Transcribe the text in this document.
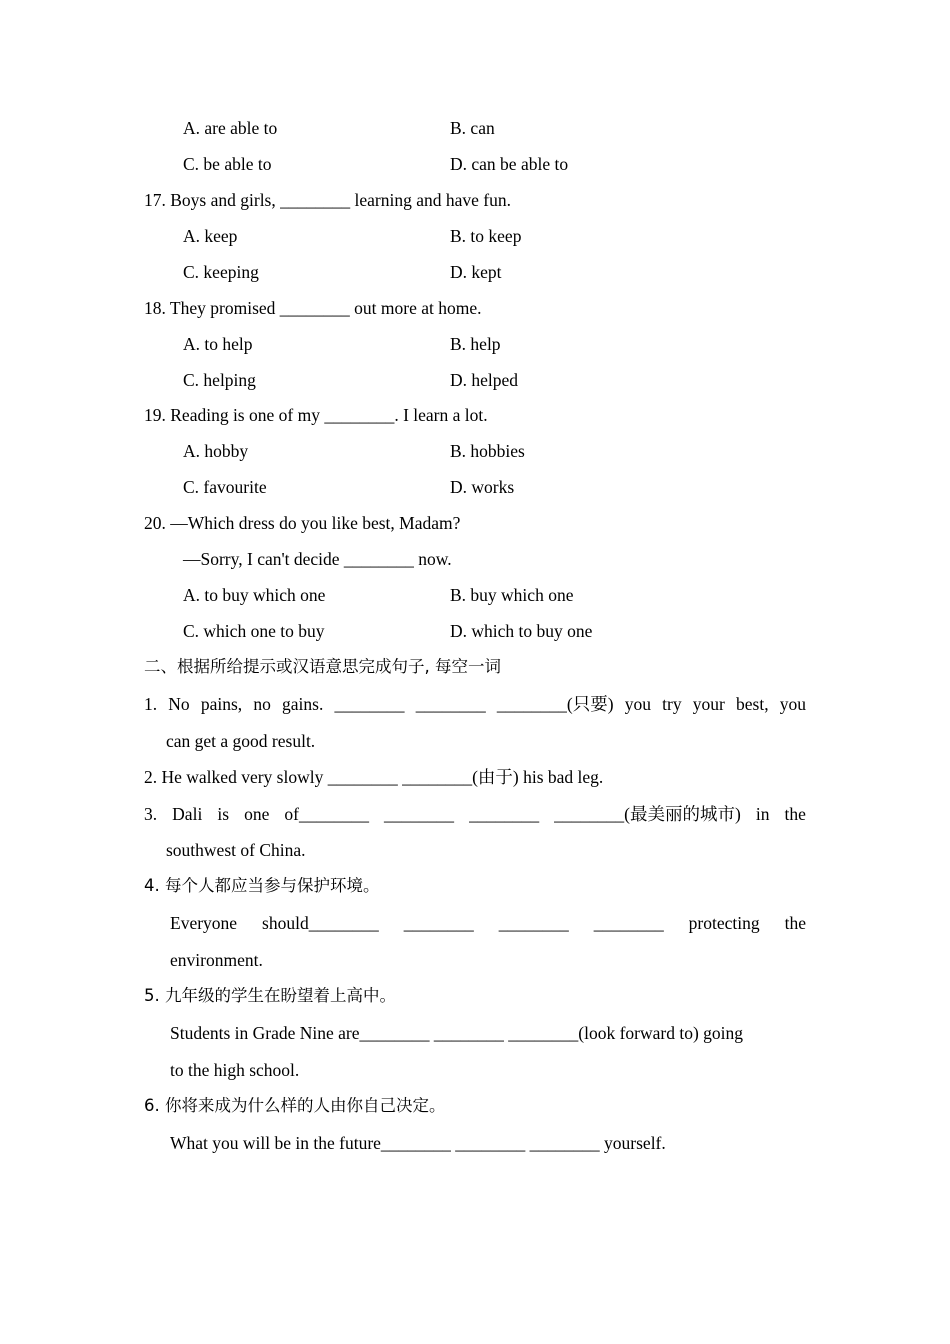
A. are able to	B. can
C. be able to	D. can be able to
17. Boys and girls, ________ learning and have fun.
A. keep	B. to keep
C. keeping	D. kept
18. They promised ________ out more at home.
A. to help	B. help
C. helping	D. helped
19. Reading is one of my ________. I learn a lot.
A. hobby	B. hobbies
C. favourite	D. works
20. —Which dress do you like best, Madam?
—Sorry, I can't decide ________ now.
A. to buy which one	B. buy which one
C. which one to buy	D. which to buy one
二、根据所给提示或汉语意思完成句子, 每空一词
1. No pains, no gains. ________ ________ ________(只要) you try your best, you
can get a good result.
2. He walked very slowly ________ ________(由于) his bad leg.
3. Dali is one of________ ________ ________ ________(最美丽的城市) in the
southwest of China.
4. 每个人都应当参与保护环境。
Everyone should________ ________ ________ ________ protecting the
environment.
5. 九年级的学生在盼望着上高中。
Students in Grade Nine are________ ________ ________(look forward to) going
to the high school.
6. 你将来成为什么样的人由你自己决定。
What you will be in the future________ ________ ________ yourself.
